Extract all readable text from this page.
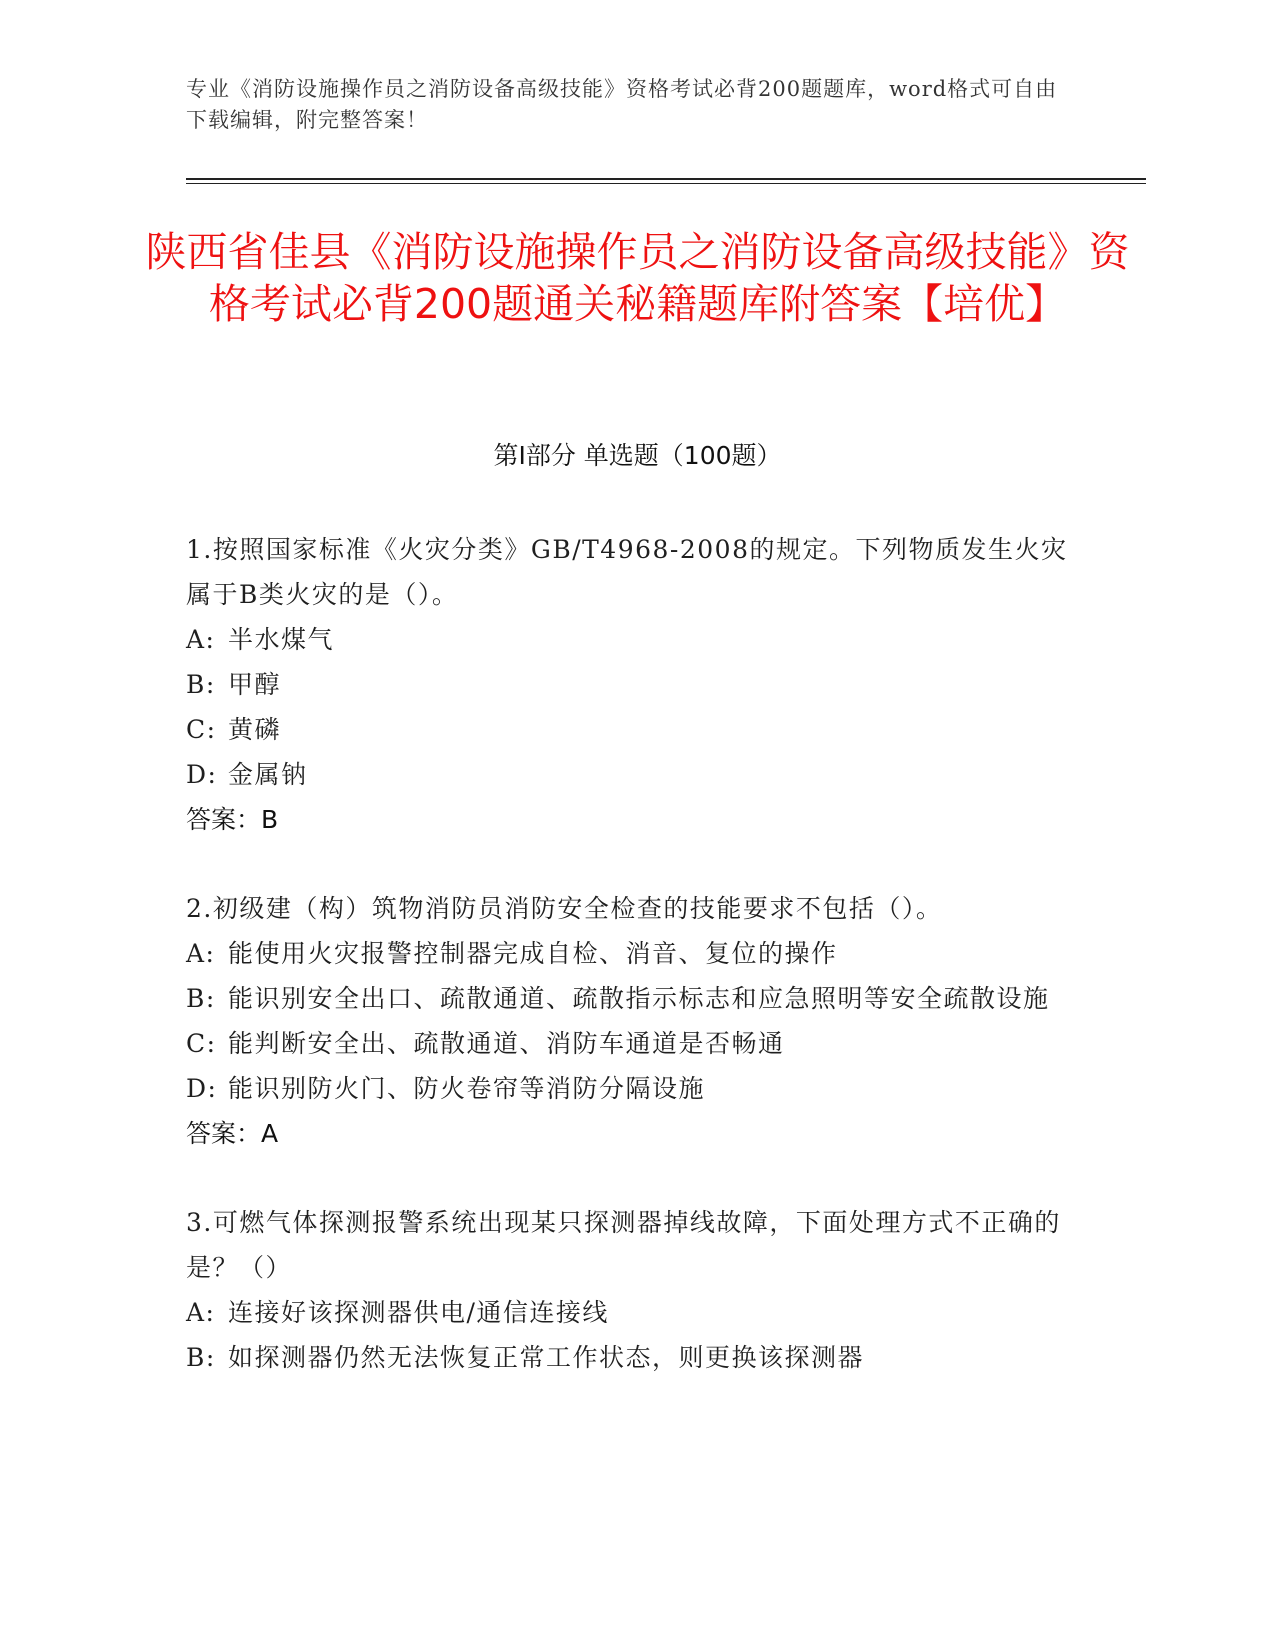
专业《消防设施操作员之消防设备高级技能》资格考试必背200题题库，word格式可自由下载编辑，附完整答案！
陕西省佳县《消防设施操作员之消防设备高级技能》资格考试必背200题通关秘籍题库附答案【培优】
第Ⅰ部分 单选题（100题）
1.按照国家标准《火灾分类》GB/T4968-2008的规定。下列物质发生火灾属于B类火灾的是（）。
A: 半水煤气
B: 甲醇
C: 黄磷
D: 金属钠
答案：B
2.初级建（构）筑物消防员消防安全检查的技能要求不包括（）。
A: 能使用火灾报警控制器完成自检、消音、复位的操作
B: 能识别安全出口、疏散通道、疏散指示标志和应急照明等安全疏散设施
C: 能判断安全出、疏散通道、消防车通道是否畅通
D: 能识别防火门、防火卷帘等消防分隔设施
答案：A
3.可燃气体探测报警系统出现某只探测器掉线故障，下面处理方式不正确的是？（）
A: 连接好该探测器供电/通信连接线
B: 如探测器仍然无法恢复正常工作状态，则更换该探测器
